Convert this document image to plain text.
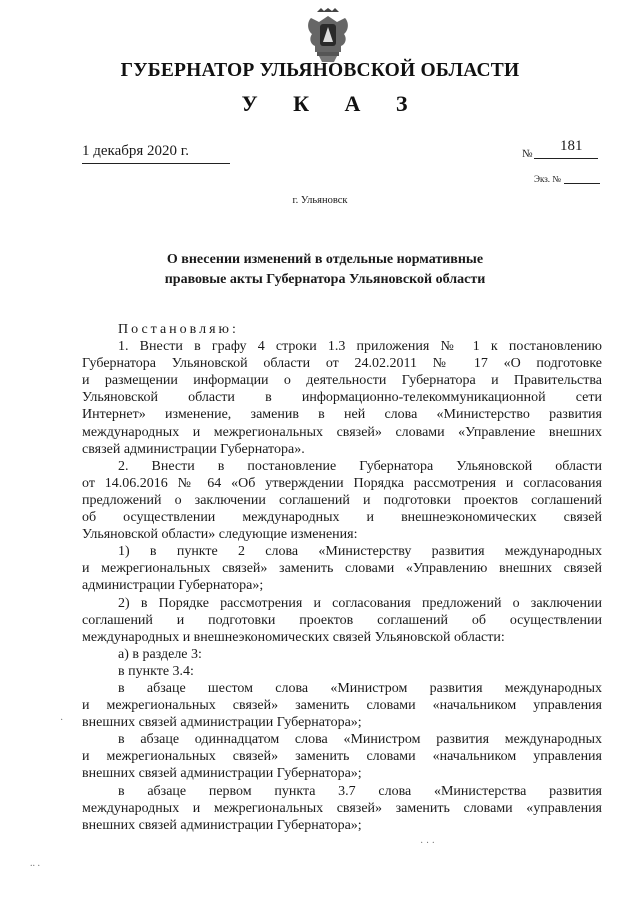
ГУБЕРНАТОР УЛЬЯНОВСКОЙ ОБЛАСТИ
У К А З
1 декабря 2020 г.	№ 181
Экз. №
г. Ульяновск
О внесении изменений в отдельные нормативные
правовые акты Губернатора Ульяновской области
Постановляю:
1. Внести в графу 4 строки 1.3 приложения № 1 к постановлению
Губернатора Ульяновской области от 24.02.2011 № 17 «О подготовке
и размещении информации о деятельности Губернатора и Правительства
Ульяновской области в информационно-телекоммуникационной сети
Интернет» изменение, заменив в ней слова «Министерство развития
международных и межрегиональных связей» словами «Управление внешних
связей администрации Губернатора».
2. Внести в постановление Губернатора Ульяновской области
от 14.06.2016 № 64 «Об утверждении Порядка рассмотрения и согласования
предложений о заключении соглашений и подготовки проектов соглашений
об осуществлении международных и внешнеэкономических связей
Ульяновской области» следующие изменения:
1) в пункте 2 слова «Министерству развития международных
и межрегиональных связей» заменить словами «Управлению внешних связей
администрации Губернатора»;
2) в Порядке рассмотрения и согласования предложений о заключении
соглашений и подготовки проектов соглашений об осуществлении
международных и внешнеэкономических связей Ульяновской области:
а) в разделе 3:
в пункте 3.4:
в абзаце шестом слова «Министром развития международных
и межрегиональных связей» заменить словами «начальником управления
внешних связей администрации Губернатора»;
в абзаце одиннадцатом слова «Министром развития международных
и межрегиональных связей» заменить словами «начальником управления
внешних связей администрации Губернатора»;
в абзаце первом пункта 3.7 слова «Министерства развития
международных и межрегиональных связей» заменить словами «управления
внешних связей администрации Губернатора»;
·
· · ·
.. .
